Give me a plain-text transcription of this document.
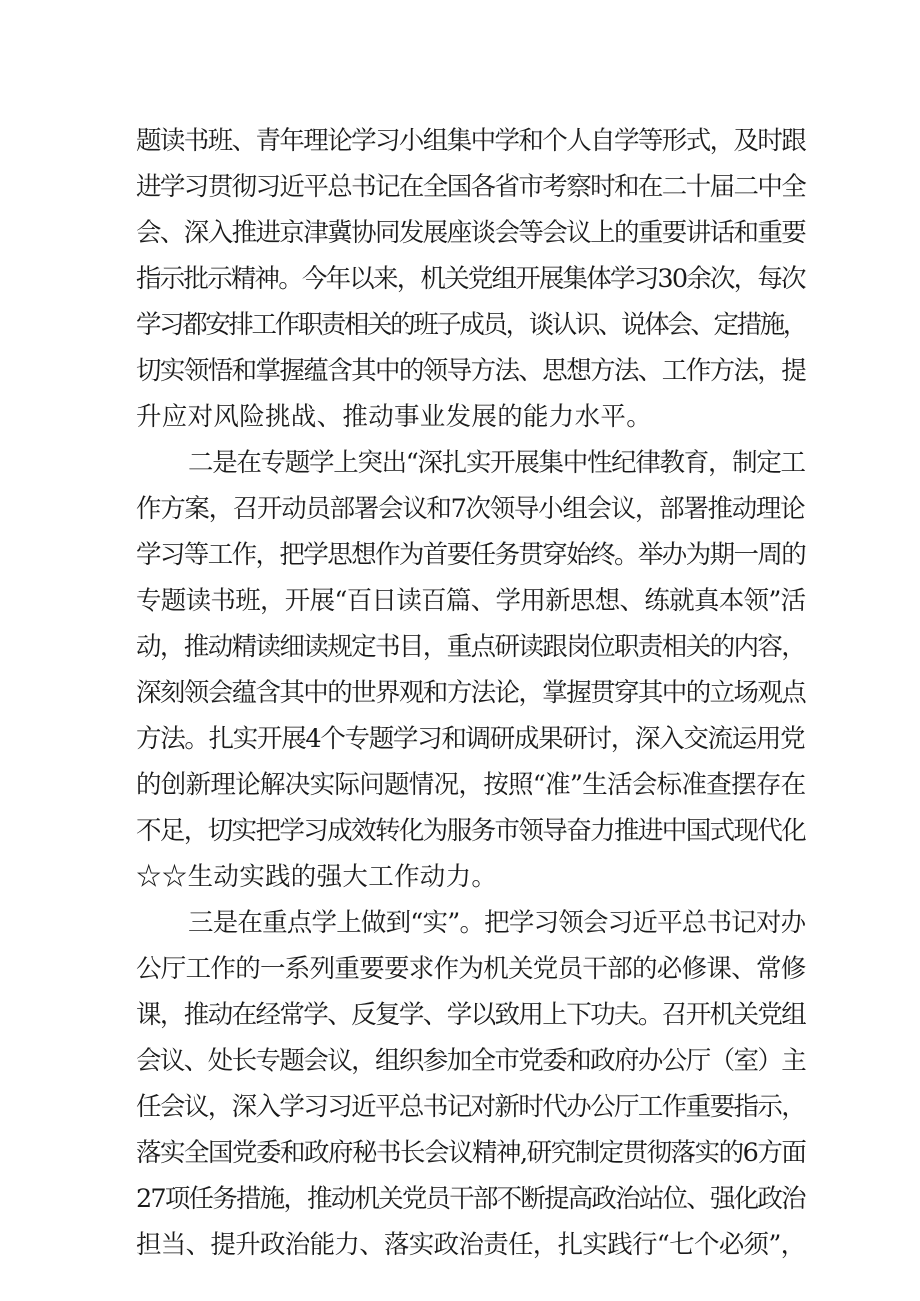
题读书班、青年理论学习小组集中学和个人自学等形式，及时跟
进学习贯彻习近平总书记在全国各省市考察时和在二十届二中全
会、深入推进京津冀协同发展座谈会等会议上的重要讲话和重要
指示批示精神。今年以来，机关党组开展集体学习30余次，每次
学习都安排工作职责相关的班子成员，谈认识、说体会、定措施，
切实领悟和掌握蕴含其中的领导方法、思想方法、工作方法，提
升应对风险挑战、推动事业发展的能力水平。
二是在专题学上突出“深扎实开展集中性纪律教育，制定工
作方案，召开动员部署会议和7次领导小组会议，部署推动理论
学习等工作，把学思想作为首要任务贯穿始终。举办为期一周的
专题读书班，开展“百日读百篇、学用新思想、练就真本领”活
动，推动精读细读规定书目，重点研读跟岗位职责相关的内容，
深刻领会蕴含其中的世界观和方法论，掌握贯穿其中的立场观点
方法。扎实开展4个专题学习和调研成果研讨，深入交流运用党
的创新理论解决实际问题情况，按照“准”生活会标准查摆存在
不足，切实把学习成效转化为服务市领导奋力推进中国式现代化
☆☆生动实践的强大工作动力。
三是在重点学上做到“实”。把学习领会习近平总书记对办
公厅工作的一系列重要要求作为机关党员干部的必修课、常修
课，推动在经常学、反复学、学以致用上下功夫。召开机关党组
会议、处长专题会议，组织参加全市党委和政府办公厅（室）主
任会议，深入学习习近平总书记对新时代办公厅工作重要指示，
落实全国党委和政府秘书长会议精神,研究制定贯彻落实的6方面
27项任务措施，推动机关党员干部不断提高政治站位、强化政治
担当、提升政治能力、落实政治责任，扎实践行“七个必须”，
